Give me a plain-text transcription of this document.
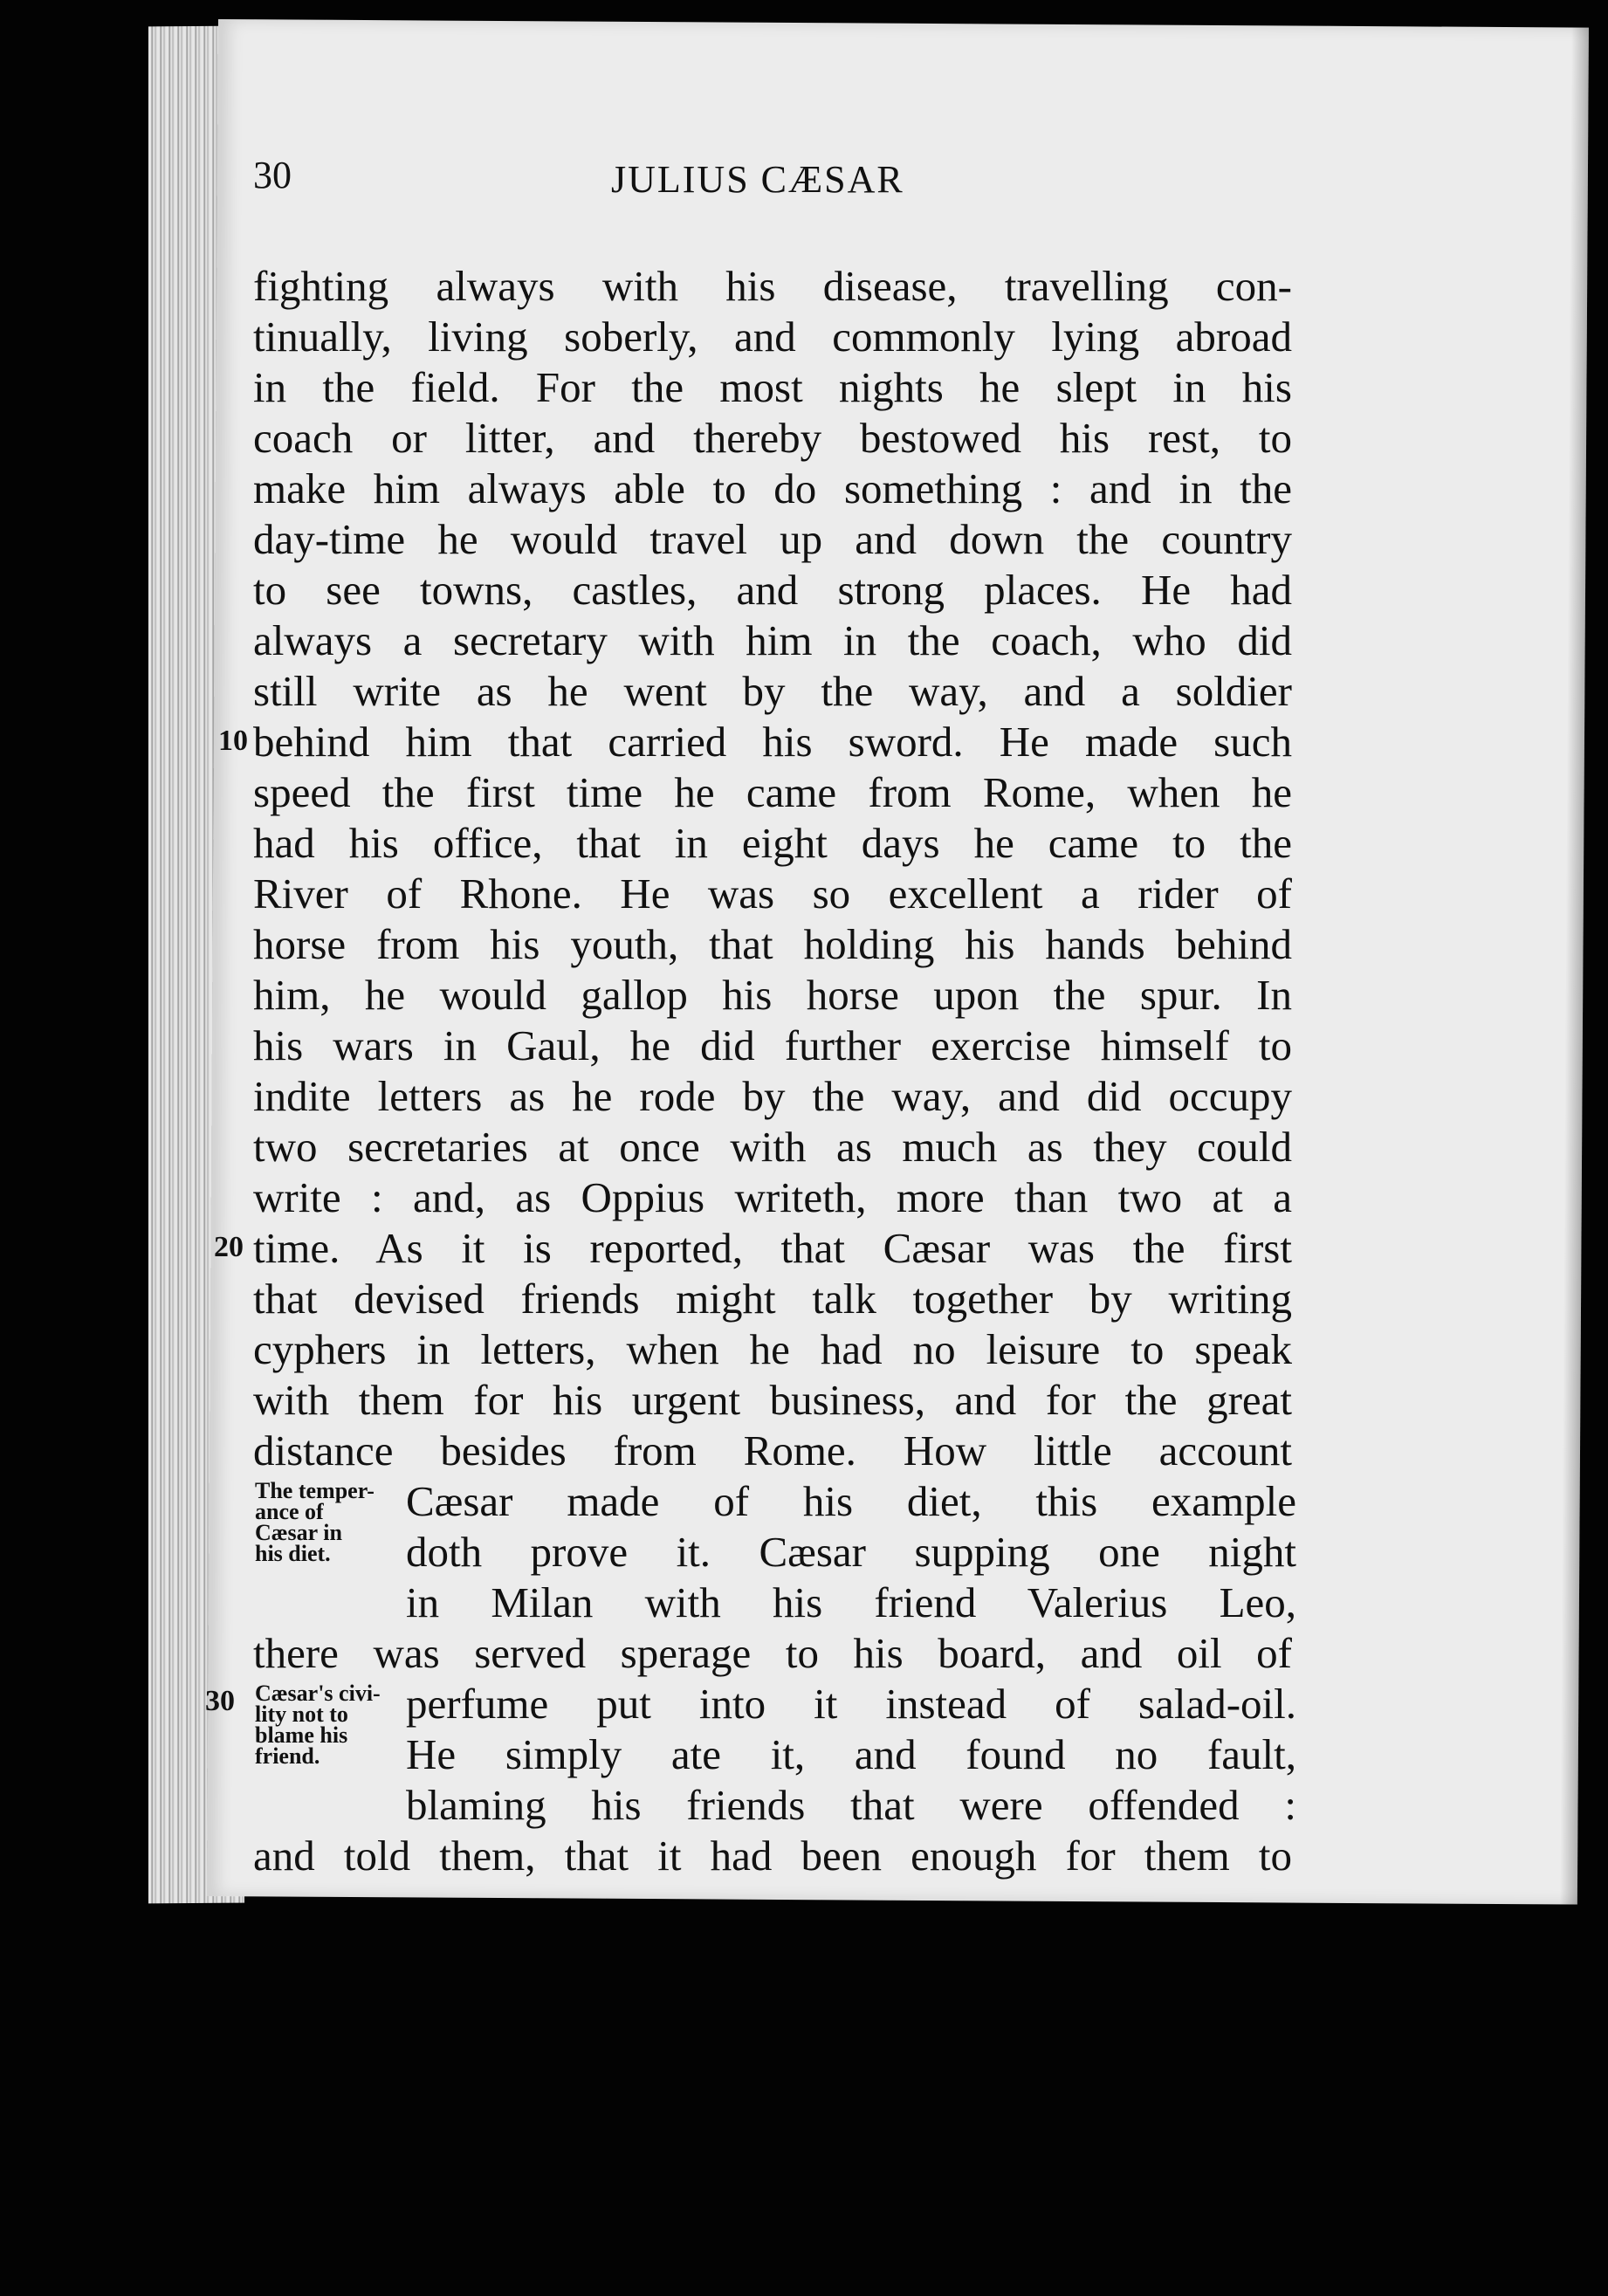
30	JULIUS CÆSAR
fighting always with his disease, travelling con-
tinually, living soberly, and commonly lying abroad
in the field. For the most nights he slept in his
coach or litter, and thereby bestowed his rest, to
make him always able to do something : and in the
day-time he would travel up and down the country
to see towns, castles, and strong places. He had
always a secretary with him in the coach, who did
still write as he went by the way, and a soldier
behind him that carried his sword. He made such
speed the first time he came from Rome, when he
had his office, that in eight days he came to the
River of Rhone. He was so excellent a rider of
horse from his youth, that holding his hands behind
him, he would gallop his horse upon the spur. In
his wars in Gaul, he did further exercise himself to
indite letters as he rode by the way, and did occupy
two secretaries at once with as much as they could
write : and, as Oppius writeth, more than two at a
time. As it is reported, that Cæsar was the first
that devised friends might talk together by writing
cyphers in letters, when he had no leisure to speak
with them for his urgent business, and for the great
distance besides from Rome. How little account
Cæsar made of his diet, this example
doth prove it. Cæsar supping one night
in Milan with his friend Valerius Leo,
there was served sperage to his board, and oil of
perfume put into it instead of salad-oil.
He simply ate it, and found no fault,
blaming his friends that were offended :
and told them, that it had been enough for them to
10
20
30
The temper-
ance of
Cæsar in
his diet.
Cæsar's civi-
lity not to
blame his
friend.
